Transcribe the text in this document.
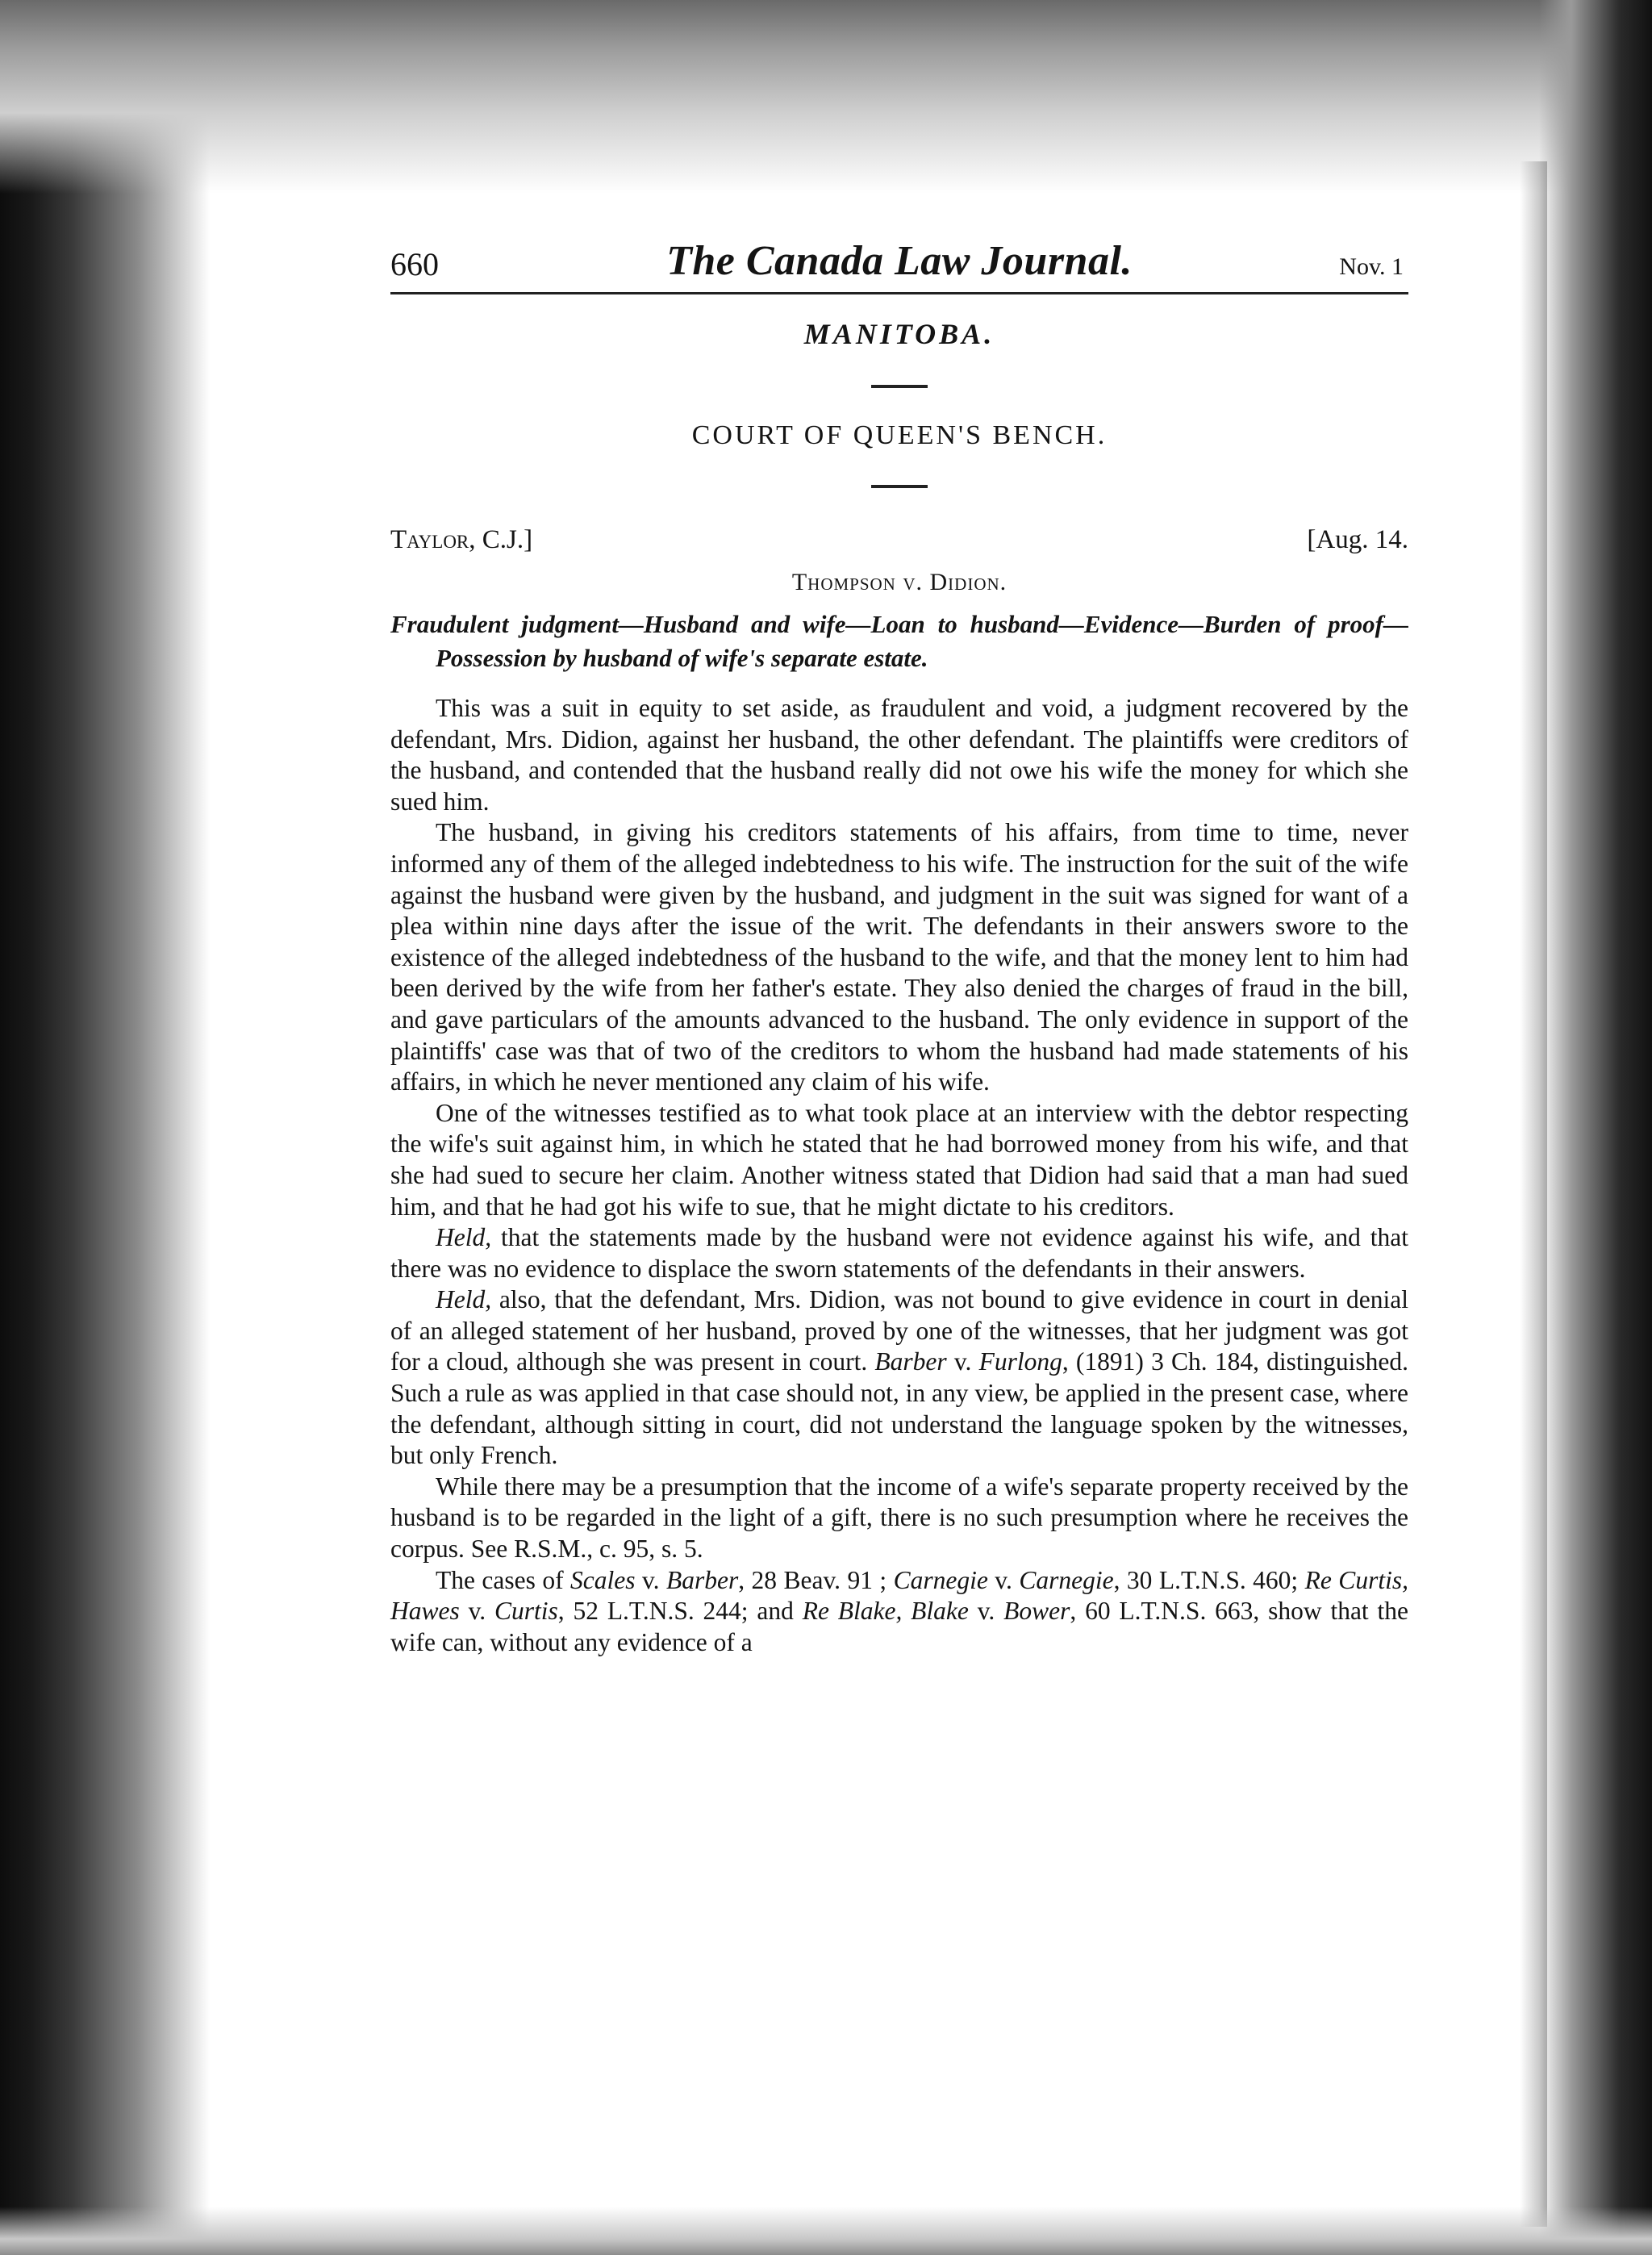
660	The Canada Law Journal.	Nov. 1
MANITOBA.
COURT OF QUEEN'S BENCH.
Taylor, C.J.]	[Aug. 14.
Thompson v. Didion.
Fraudulent judgment—Husband and wife—Loan to husband—Evidence—Burden of proof—Possession by husband of wife's separate estate.

This was a suit in equity to set aside, as fraudulent and void, a judgment recovered by the defendant, Mrs. Didion, against her husband, the other defendant. The plaintiffs were creditors of the husband, and contended that the husband really did not owe his wife the money for which she sued him.

The husband, in giving his creditors statements of his affairs, from time to time, never informed any of them of the alleged indebtedness to his wife. The instruction for the suit of the wife against the husband were given by the husband, and judgment in the suit was signed for want of a plea within nine days after the issue of the writ. The defendants in their answers swore to the existence of the alleged indebtedness of the husband to the wife, and that the money lent to him had been derived by the wife from her father's estate. They also denied the charges of fraud in the bill, and gave particulars of the amounts advanced to the husband. The only evidence in support of the plaintiffs' case was that of two of the creditors to whom the husband had made statements of his affairs, in which he never mentioned any claim of his wife.

One of the witnesses testified as to what took place at an interview with the debtor respecting the wife's suit against him, in which he stated that he had borrowed money from his wife, and that she had sued to secure her claim. Another witness stated that Didion had said that a man had sued him, and that he had got his wife to sue, that he might dictate to his creditors.

Held, that the statements made by the husband were not evidence against his wife, and that there was no evidence to displace the sworn statements of the defendants in their answers.

Held, also, that the defendant, Mrs. Didion, was not bound to give evidence in court in denial of an alleged statement of her husband, proved by one of the witnesses, that her judgment was got for a cloud, although she was present in court. Barber v. Furlong, (1891) 3 Ch. 184, distinguished. Such a rule as was applied in that case should not, in any view, be applied in the present case, where the defendant, although sitting in court, did not understand the language spoken by the witnesses, but only French.

While there may be a presumption that the income of a wife's separate property received by the husband is to be regarded in the light of a gift, there is no such presumption where he receives the corpus. See R.S.M., c. 95, s. 5.

The cases of Scales v. Barber, 28 Beav. 91 ; Carnegie v. Carnegie, 30 L.T.N.S. 460; Re Curtis, Hawes v. Curtis, 52 L.T.N.S. 244; and Re Blake, Blake v. Bower, 60 L.T.N.S. 663, show that the wife can, without any evidence of a
